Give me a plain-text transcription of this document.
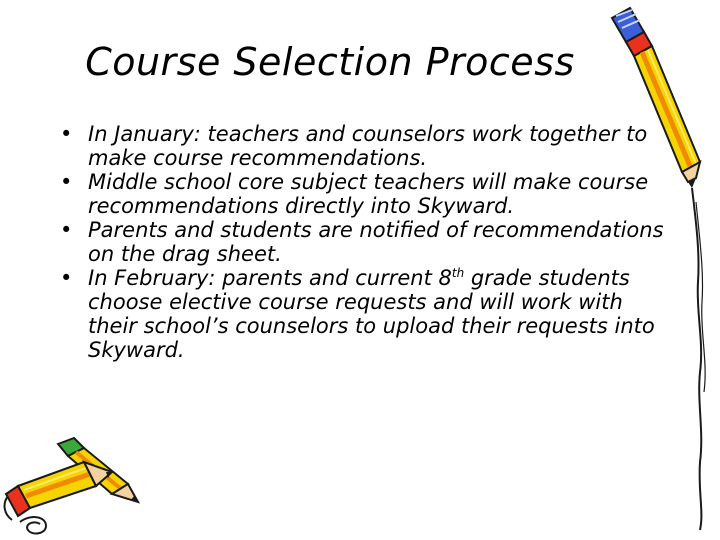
Course Selection Process
• In January: teachers and counselors work together to make course recommendations.
• Middle school core subject teachers will make course recommendations directly into Skyward.
• Parents and students are notified of recommendations on the drag sheet.
• In February: parents and current 8th grade students choose elective course requests and will work with their school’s counselors to upload their requests into Skyward.
